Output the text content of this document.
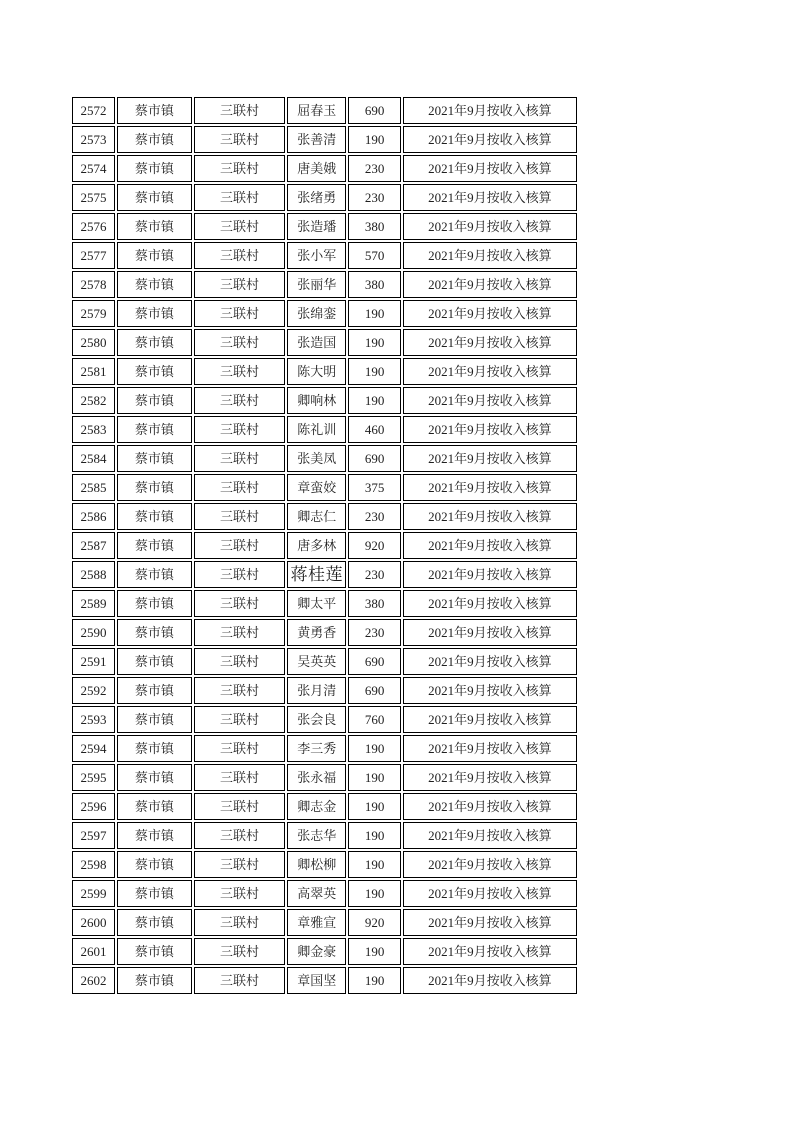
2572	蔡市镇	三联村	屈春玉	690	2021年9月按收入核算
2573	蔡市镇	三联村	张善清	190	2021年9月按收入核算
2574	蔡市镇	三联村	唐美娥	230	2021年9月按收入核算
2575	蔡市镇	三联村	张绪勇	230	2021年9月按收入核算
2576	蔡市镇	三联村	张造璠	380	2021年9月按收入核算
2577	蔡市镇	三联村	张小军	570	2021年9月按收入核算
2578	蔡市镇	三联村	张丽华	380	2021年9月按收入核算
2579	蔡市镇	三联村	张绵銮	190	2021年9月按收入核算
2580	蔡市镇	三联村	张造国	190	2021年9月按收入核算
2581	蔡市镇	三联村	陈大明	190	2021年9月按收入核算
2582	蔡市镇	三联村	卿响林	190	2021年9月按收入核算
2583	蔡市镇	三联村	陈礼训	460	2021年9月按收入核算
2584	蔡市镇	三联村	张美凤	690	2021年9月按收入核算
2585	蔡市镇	三联村	章蛮姣	375	2021年9月按收入核算
2586	蔡市镇	三联村	卿志仁	230	2021年9月按收入核算
2587	蔡市镇	三联村	唐多林	920	2021年9月按收入核算
2588	蔡市镇	三联村	蒋桂莲	230	2021年9月按收入核算
2589	蔡市镇	三联村	卿太平	380	2021年9月按收入核算
2590	蔡市镇	三联村	黄勇香	230	2021年9月按收入核算
2591	蔡市镇	三联村	吴英英	690	2021年9月按收入核算
2592	蔡市镇	三联村	张月清	690	2021年9月按收入核算
2593	蔡市镇	三联村	张会良	760	2021年9月按收入核算
2594	蔡市镇	三联村	李三秀	190	2021年9月按收入核算
2595	蔡市镇	三联村	张永福	190	2021年9月按收入核算
2596	蔡市镇	三联村	卿志金	190	2021年9月按收入核算
2597	蔡市镇	三联村	张志华	190	2021年9月按收入核算
2598	蔡市镇	三联村	卿松柳	190	2021年9月按收入核算
2599	蔡市镇	三联村	高翠英	190	2021年9月按收入核算
2600	蔡市镇	三联村	章雅宣	920	2021年9月按收入核算
2601	蔡市镇	三联村	卿金豪	190	2021年9月按收入核算
2602	蔡市镇	三联村	章国坚	190	2021年9月按收入核算
